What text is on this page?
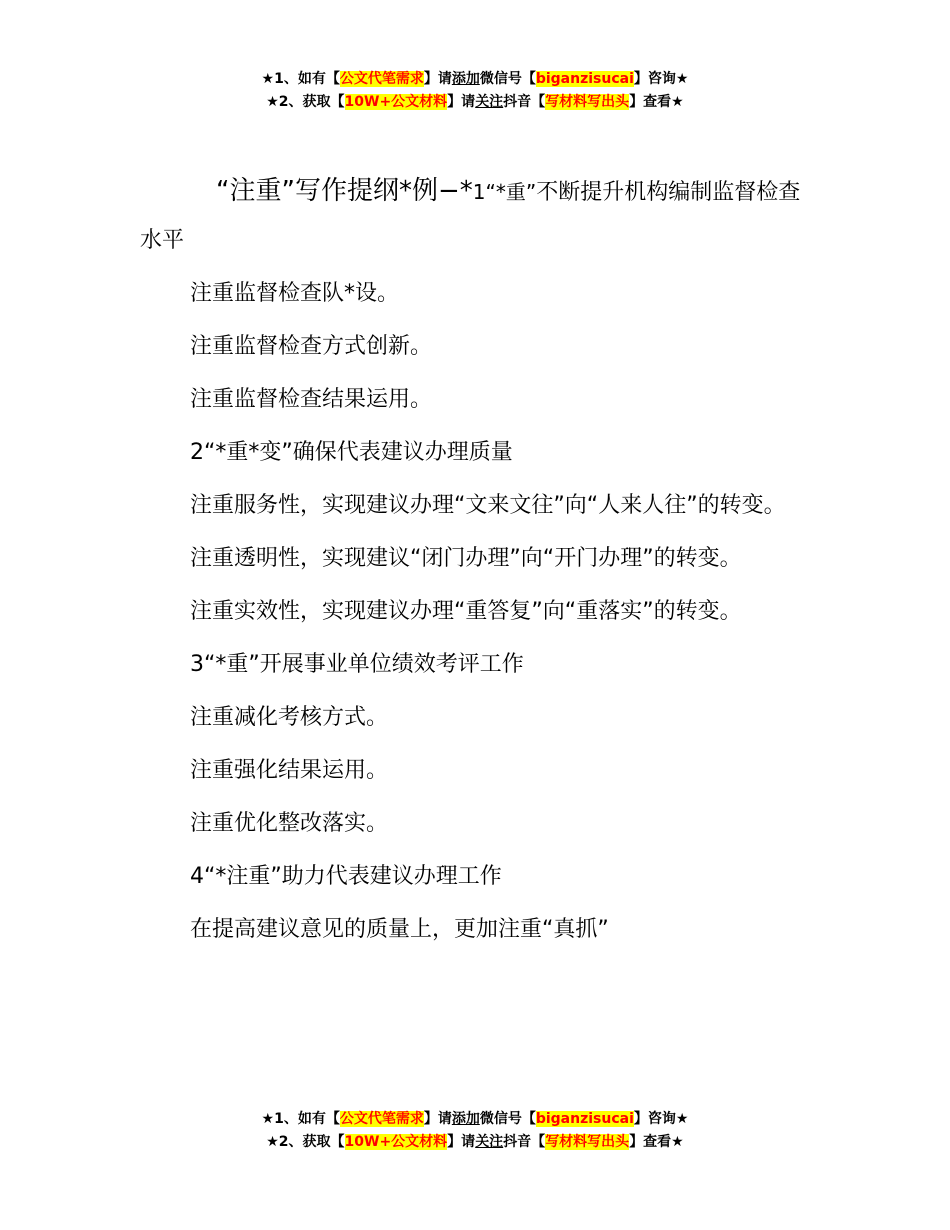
★1、如有【公文代笔需求】请添加微信号【biganzisucai】咨询★
★2、获取【10W+公文材料】请关注抖音【写材料写出头】查看★

“注重”写作提纲*例−*1“*重”不断提升机构编制监督检查水平

注重监督检查队*设。

注重监督检查方式创新。

注重监督检查结果运用。

2“*重*变”确保代表建议办理质量

注重服务性，实现建议办理“文来文往”向“人来人往”的转变。

注重透明性，实现建议“闭门办理”向“开门办理”的转变。

注重实效性，实现建议办理“重答复”向“重落实”的转变。

3“*重”开展事业单位绩效考评工作

注重减化考核方式。

注重强化结果运用。

注重优化整改落实。

4“*注重”助力代表建议办理工作

在提高建议意见的质量上，更加注重“真抓”

★1、如有【公文代笔需求】请添加微信号【biganzisucai】咨询★
★2、获取【10W+公文材料】请关注抖音【写材料写出头】查看★
